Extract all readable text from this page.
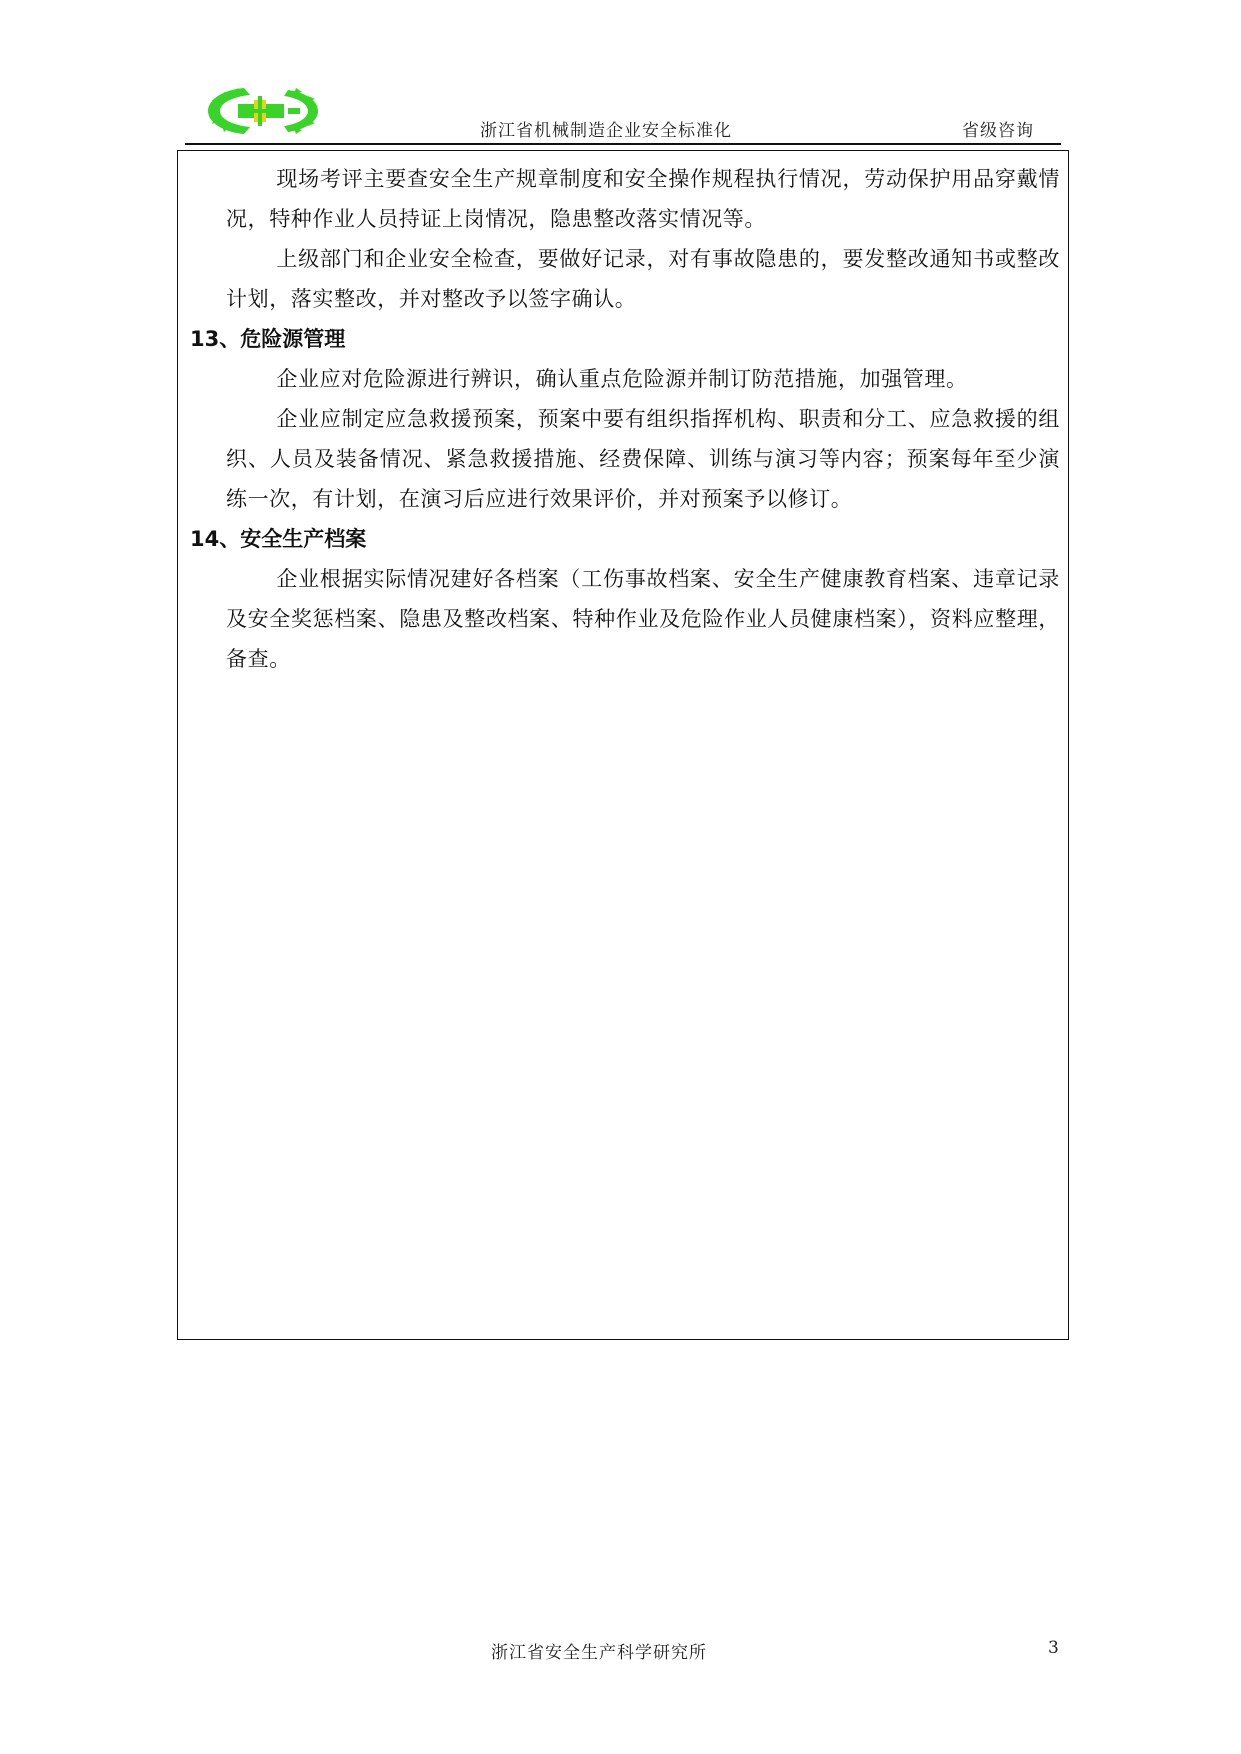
浙江省机械制造企业安全标准化	省级咨询

现场考评主要查安全生产规章制度和安全操作规程执行情况，劳动保护用品穿戴情况，特种作业人员持证上岗情况，隐患整改落实情况等。

上级部门和企业安全检查，要做好记录，对有事故隐患的，要发整改通知书或整改计划，落实整改，并对整改予以签字确认。

13、危险源管理

企业应对危险源进行辨识，确认重点危险源并制订防范措施，加强管理。

企业应制定应急救援预案，预案中要有组织指挥机构、职责和分工、应急救援的组织、人员及装备情况、紧急救援措施、经费保障、训练与演习等内容；预案每年至少演练一次，有计划，在演习后应进行效果评价，并对预案予以修订。

14、安全生产档案

企业根据实际情况建好各档案（工伤事故档案、安全生产健康教育档案、违章记录及安全奖惩档案、隐患及整改档案、特种作业及危险作业人员健康档案），资料应整理，备查。

浙江省安全生产科学研究所	3
